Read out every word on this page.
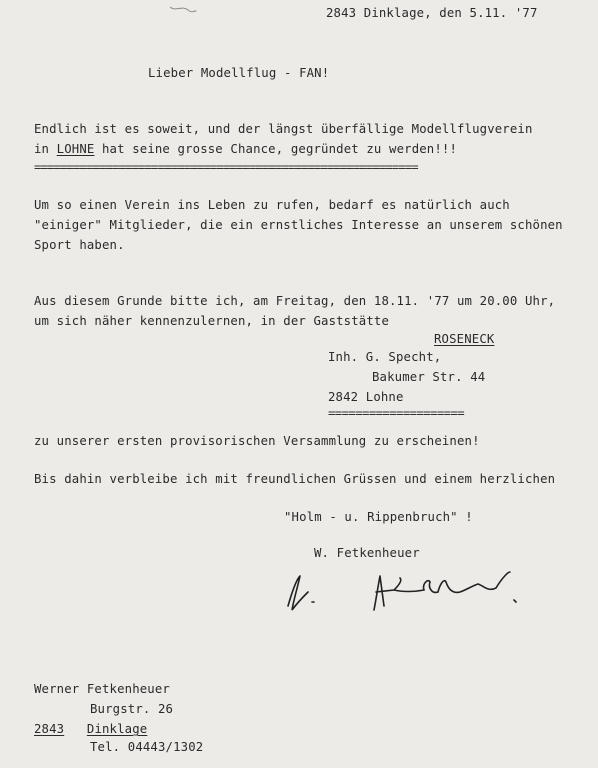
2843 Dinklage, den 5.11. '77
Lieber Modellflug - FAN!
Endlich ist es soweit, und der längst überfällige Modellflugverein
in LOHNE hat seine grosse Chance, gegründet zu werden!!!
===========================================================
Um so einen Verein ins Leben zu rufen, bedarf es natürlich auch
"einiger" Mitglieder, die ein ernstliches Interesse an unserem schönen
Sport haben.
Aus diesem Grunde bitte ich, am Freitag, den 18.11. '77 um 20.00 Uhr,
um sich näher kennenzulernen, in der Gaststätte
ROSENECK
Inh. G. Specht,
Bakumer Str. 44
2842 Lohne
====================
zu unserer ersten provisorischen Versammlung zu erscheinen!
Bis dahin verbleibe ich mit freundlichen Grüssen und einem herzlichen
"Holm - u. Rippenbruch" !
W. Fetkenheuer
Werner Fetkenheuer
Burgstr. 26
2843 Dinklage
Tel. 04443/1302
